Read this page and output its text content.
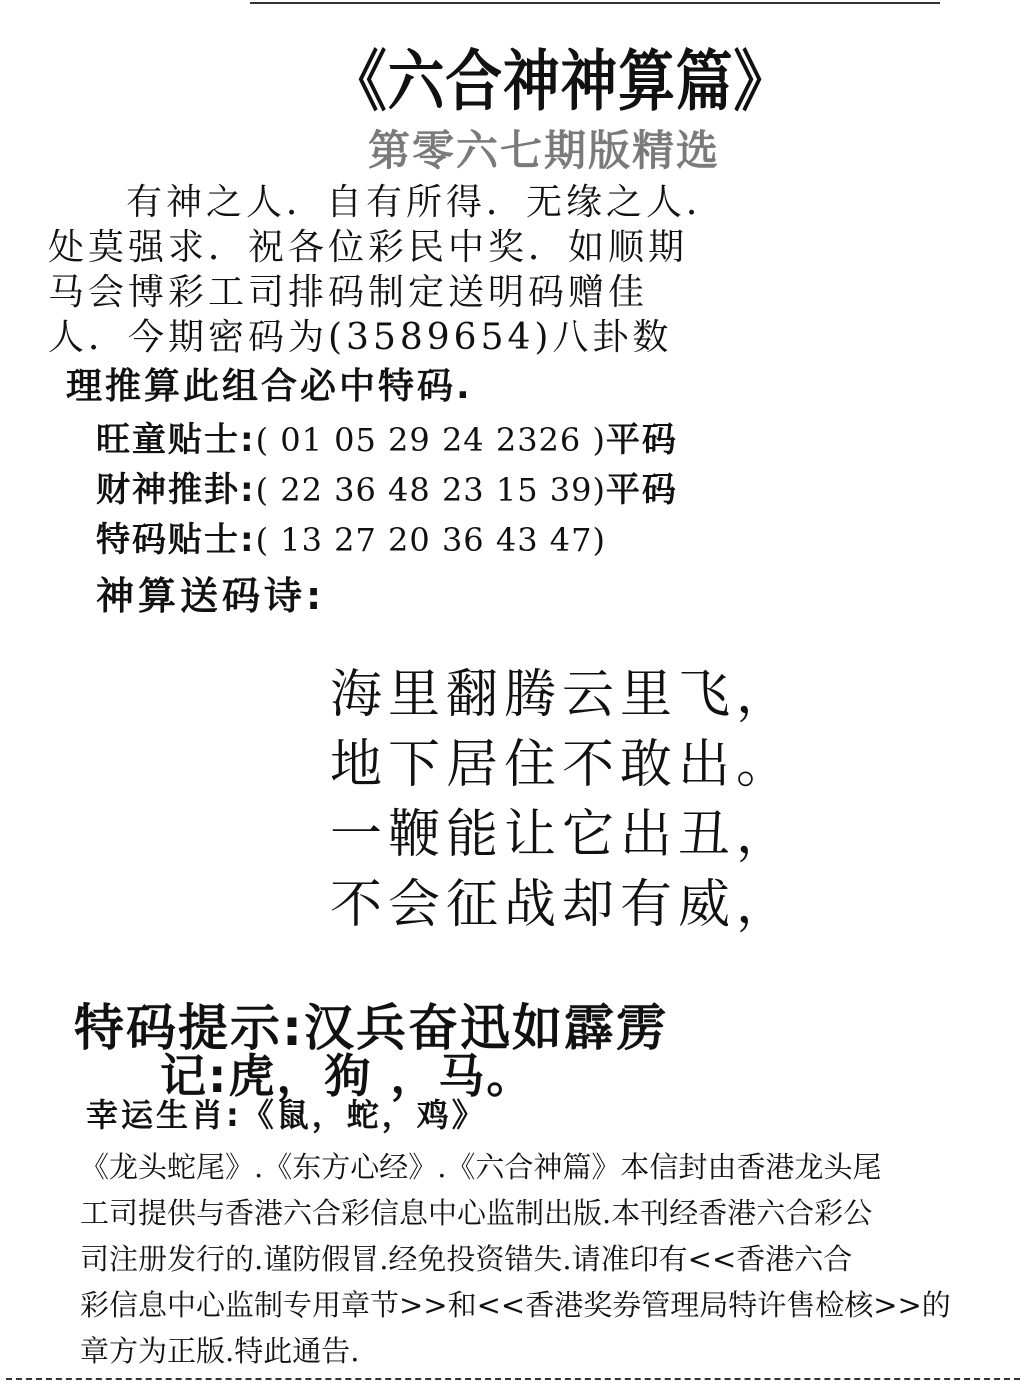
《六合神神算篇》
第零六七期版精选
有神之人．自有所得．无缘之人．
处莫强求．祝各位彩民中奖．如顺期
马会博彩工司排码制定送明码赠佳
人．今期密码为(3589654)八卦数
理推算此组合必中特码.
旺童贴士:( 01 05 29 24 2326 )平码
财神推卦:( 22 36 48 23 15 39)平码
特码贴士:( 13 27 20 36 43 47)
神算送码诗:
海里翻腾云里飞，
地下居住不敢出。
一鞭能让它出丑，
不会征战却有威，
特码提示:汉兵奋迅如霹雳
记:虎，狗 ，马。
幸运生肖:《鼠，蛇，鸡》
《龙头蛇尾》.《东方心经》.《六合神篇》本信封由香港龙头尾
工司提供与香港六合彩信息中心监制出版.本刊经香港六合彩公
司注册发行的.谨防假冒.经免投资错失.请准印有<<香港六合
彩信息中心监制专用章节>>和<<香港奖券管理局特许售检核>>的
章方为正版.特此通告.
